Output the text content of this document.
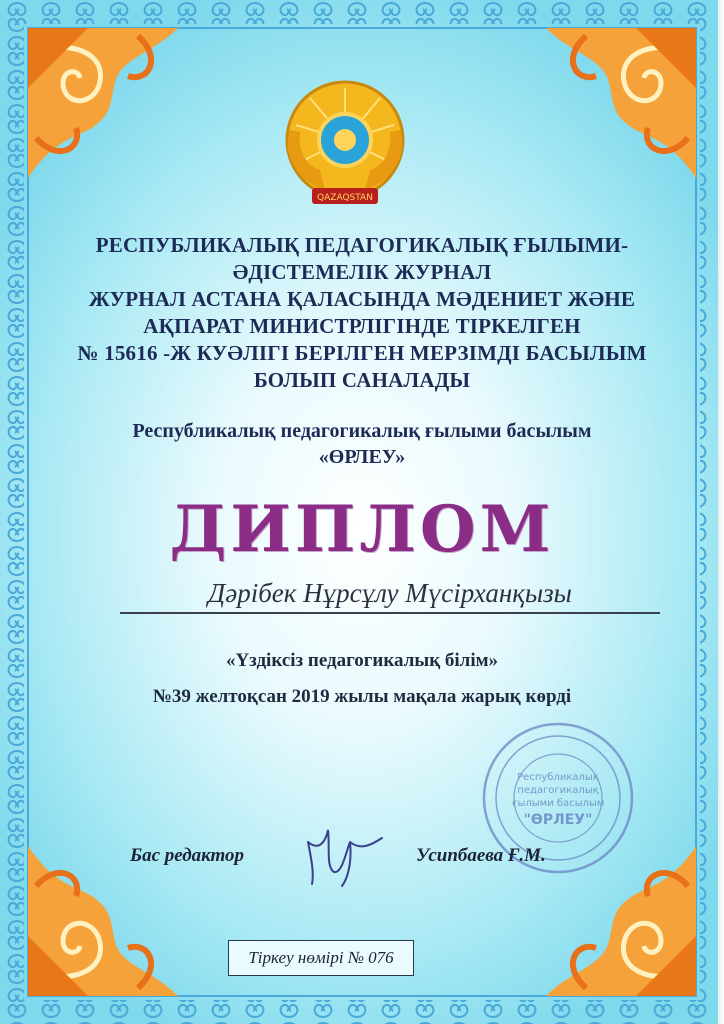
QAZAQSTAN
РЕСПУБЛИКАЛЫҚ ПЕДАГОГИКАЛЫҚ ҒЫЛЫМИ-
ӘДІСТЕМЕЛІК ЖУРНАЛ
ЖУРНАЛ АСТАНА ҚАЛАСЫНДА МӘДЕНИЕТ ЖӘНЕ
АҚПАРАТ МИНИСТРЛІГІНДЕ ТІРКЕЛГЕН
№ 15616 -Ж КУӘЛІГІ БЕРІЛГЕН МЕРЗІМДІ БАСЫЛЫМ
БОЛЫП САНАЛАДЫ
Республикалық педагогикалық ғылыми басылым
«ӨРЛЕУ»
ДИПЛОМ
Дәрібек Нұрсұлу Мүсірханқызы
«Үздіксіз педагогикалық білім»
№39 желтоқсан 2019 жылы мақала жарық көрді
Республикалық
педагогикалық
ғылыми басылым
"ӨРЛЕУ"
Бас редактор	Усипбаева Ғ.М.
Тіркеу нөмірі № 076
